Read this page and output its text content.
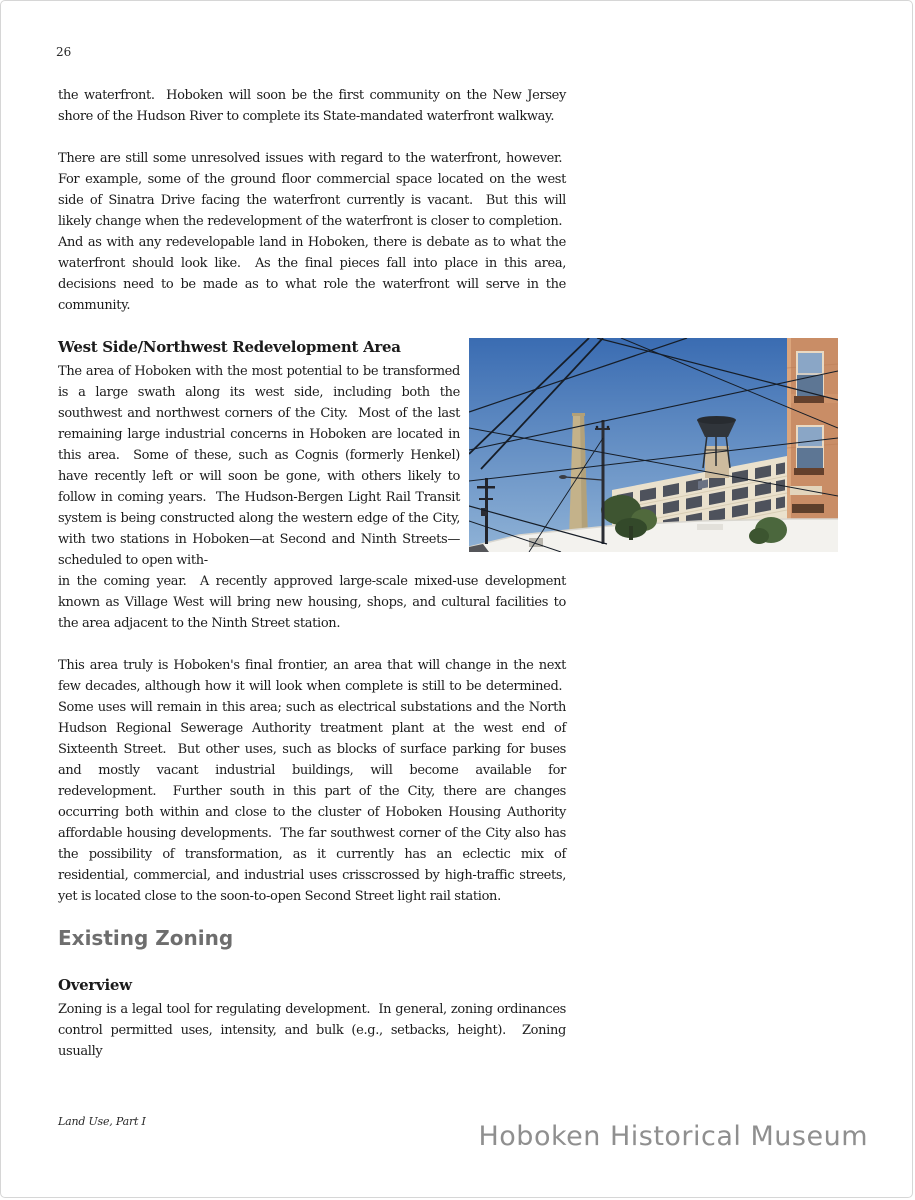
26

the waterfront.  Hoboken will soon be the first community on the New Jersey shore of the Hudson River to complete its State-mandated waterfront walkway.

There are still some unresolved issues with regard to the waterfront, however.  For example, some of the ground floor commercial space located on the west side of Sinatra Drive facing the waterfront currently is vacant.  But this will likely change when the redevelopment of the waterfront is closer to completion.  And as with any redevelopable land in Hoboken, there is debate as to what the waterfront should look like.  As the final pieces fall into place in this area, decisions need to be made as to what role the waterfront will serve in the community.

West Side/Northwest Redevelopment Area

The area of Hoboken with the most potential to be transformed is a large swath along its west side, including both the southwest and northwest corners of the City.  Most of the last remaining large industrial concerns in Hoboken are located in this area.  Some of these, such as Cognis (formerly Henkel) have recently left or will soon be gone, with others likely to follow in coming years.  The Hudson-Bergen Light Rail Transit system is being constructed along the western edge of the City, with two stations in Hoboken—at Second and Ninth Streets—scheduled to open with-

in the coming year.  A recently approved large-scale mixed-use development known as Village West will bring new housing, shops, and cultural facilities to the area adjacent to the Ninth Street station.

This area truly is Hoboken's final frontier, an area that will change in the next few decades, although how it will look when complete is still to be determined.  Some uses will remain in this area; such as electrical substations and the North Hudson Regional Sewerage Authority treatment plant at the west end of Sixteenth Street.  But other uses, such as blocks of surface parking for buses and mostly vacant industrial buildings, will become available for redevelopment.  Further south in this part of the City, there are changes occurring both within and close to the cluster of Hoboken Housing Authority affordable housing developments.  The far southwest corner of the City also has the possibility of transformation, as it currently has an eclectic mix of residential, commercial, and industrial uses crisscrossed by high-traffic streets, yet is located close to the soon-to-open Second Street light rail station.

Existing Zoning
Overview

Zoning is a legal tool for regulating development.  In general, zoning ordinances control permitted uses, intensity, and bulk (e.g., setbacks, height).  Zoning usually

Land Use, Part I	Hoboken Historical Museum
